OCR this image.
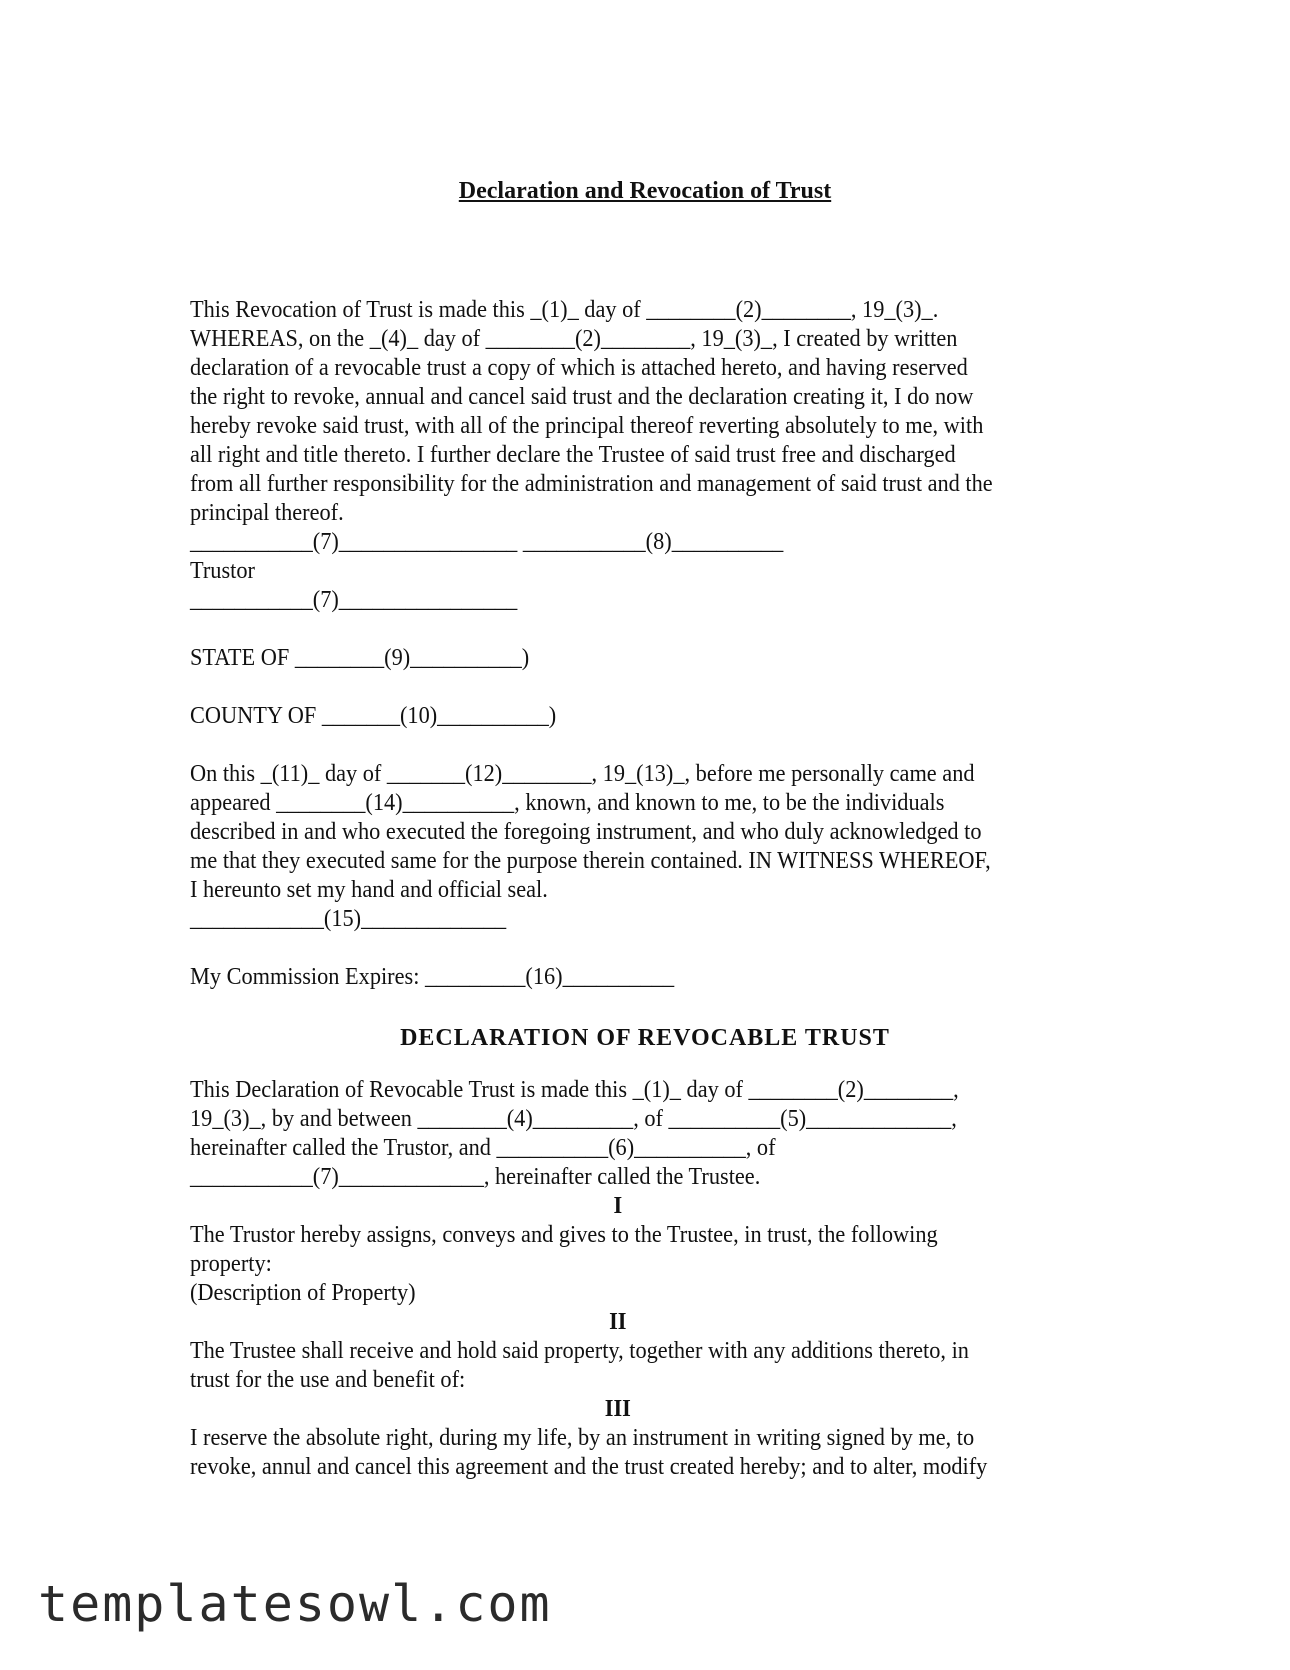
Declaration and Revocation of Trust

This Revocation of Trust is made this _(1)_ day of ________(2)________, 19_(3)_.

WHEREAS, on the _(4)_ day of ________(2)________, 19_(3)_, I created by written

declaration of a revocable trust a copy of which is attached hereto, and having reserved

the right to revoke, annual and cancel said trust and the declaration creating it, I do now

hereby revoke said trust, with all of the principal thereof reverting absolutely to me, with

all right and title thereto. I further declare the Trustee of said trust free and discharged

from all further responsibility for the administration and management of said trust and the

principal thereof.

___________(7)________________ ___________(8)__________

Trustor

___________(7)________________

STATE OF ________(9)__________)

COUNTY OF _______(10)__________)

On this _(11)_ day of _______(12)________, 19_(13)_, before me personally came and

appeared ________(14)__________, known, and known to me, to be the individuals

described in and who executed the foregoing instrument, and who duly acknowledged to

me that they executed same for the purpose therein contained. IN WITNESS WHEREOF,

I hereunto set my hand and official seal.

____________(15)_____________

My Commission Expires: _________(16)__________

DECLARATION OF REVOCABLE TRUST

This Declaration of Revocable Trust is made this _(1)_ day of ________(2)________,

19_(3)_, by and between ________(4)_________, of __________(5)_____________,

hereinafter called the Trustor, and __________(6)__________, of

___________(7)_____________, hereinafter called the Trustee.

I

The Trustor hereby assigns, conveys and gives to the Trustee, in trust, the following

property:

(Description of Property)

II

The Trustee shall receive and hold said property, together with any additions thereto, in

trust for the use and benefit of:

III

I reserve the absolute right, during my life, by an instrument in writing signed by me, to

revoke, annul and cancel this agreement and the trust created hereby; and to alter, modify

templatesowl.com
